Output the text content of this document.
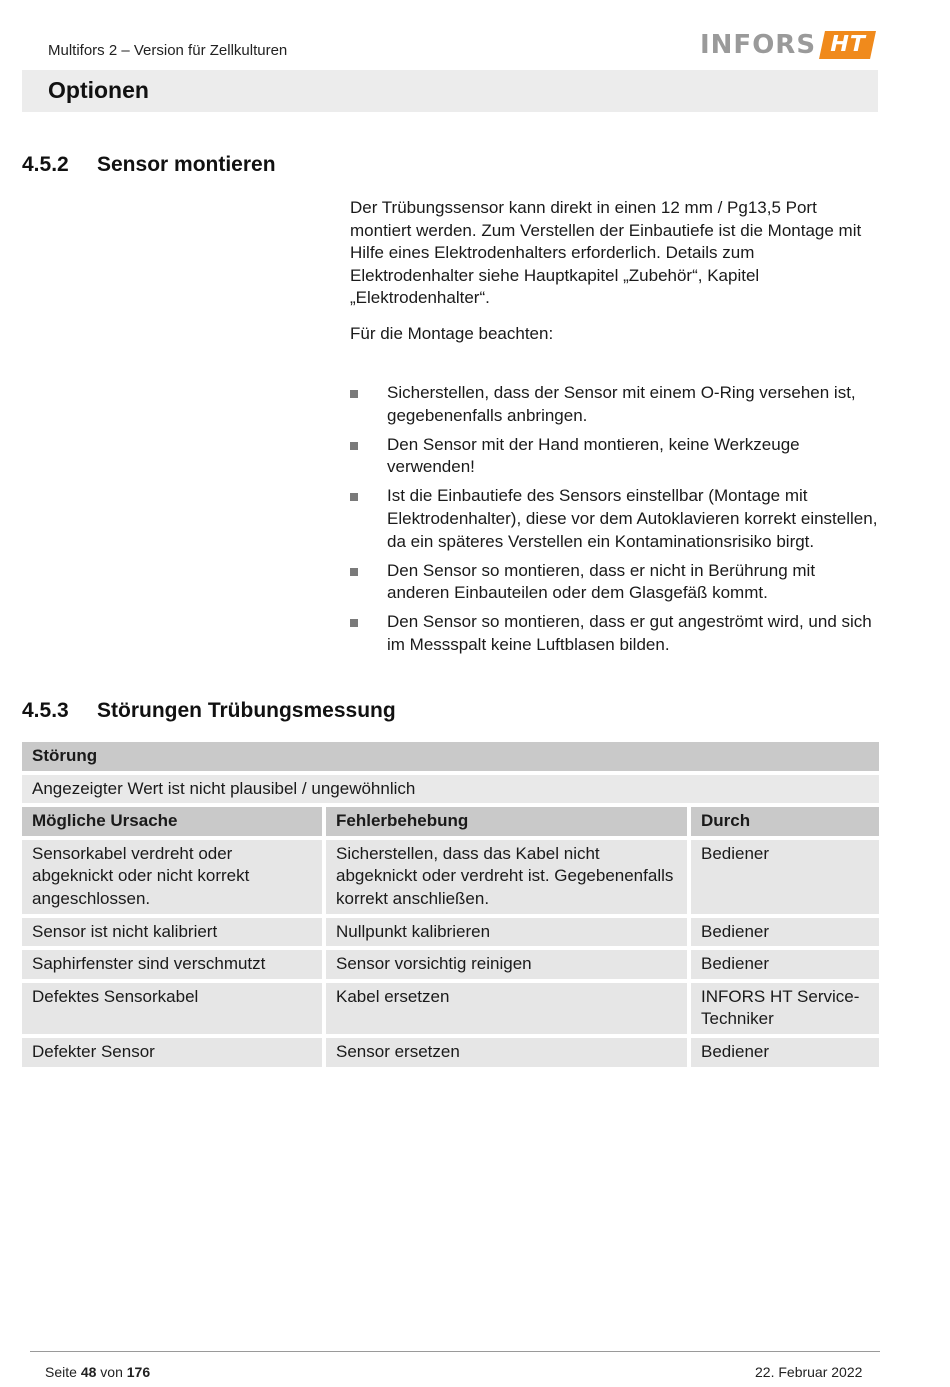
Multifors 2 – Version für Zellkulturen	INFORS HT
Optionen
4.5.2 Sensor montieren
Der Trübungssensor kann direkt in einen 12 mm / Pg13,5 Port montiert werden. Zum Verstellen der Einbautiefe ist die Montage mit Hilfe eines Elektrodenhalters erforderlich. Details zum Elektrodenhalter siehe Hauptkapitel „Zubehör“, Kapitel „Elektrodenhalter“.
Für die Montage beachten:
Sicherstellen, dass der Sensor mit einem O-Ring versehen ist, gegebenenfalls anbringen.
Den Sensor mit der Hand montieren, keine Werkzeuge verwenden!
Ist die Einbautiefe des Sensors einstellbar (Montage mit Elektrodenhalter), diese vor dem Autoklavieren korrekt einstellen, da ein späteres Verstellen ein Kontaminationsrisiko birgt.
Den Sensor so montieren, dass er nicht in Berührung mit anderen Einbauteilen oder dem Glasgefäß kommt.
Den Sensor so montieren, dass er gut angeströmt wird, und sich im Messspalt keine Luftblasen bilden.
4.5.3 Störungen Trübungsmessung
Störung		
Angezeigter Wert ist nicht plausibel / ungewöhnlich		
Mögliche Ursache	Fehlerbehebung	Durch
Sensorkabel verdreht oder abgeknickt oder nicht korrekt angeschlossen.	Sicherstellen, dass das Kabel nicht abgeknickt oder verdreht ist. Gegebenenfalls korrekt anschließen.	Bediener
Sensor ist nicht kalibriert	Nullpunkt kalibrieren	Bediener
Saphirfenster sind verschmutzt	Sensor vorsichtig reinigen	Bediener
Defektes Sensorkabel	Kabel ersetzen	INFORS HT Service-Techniker
Defekter Sensor	Sensor ersetzen	Bediener
Seite 48 von 176	22. Februar 2022
